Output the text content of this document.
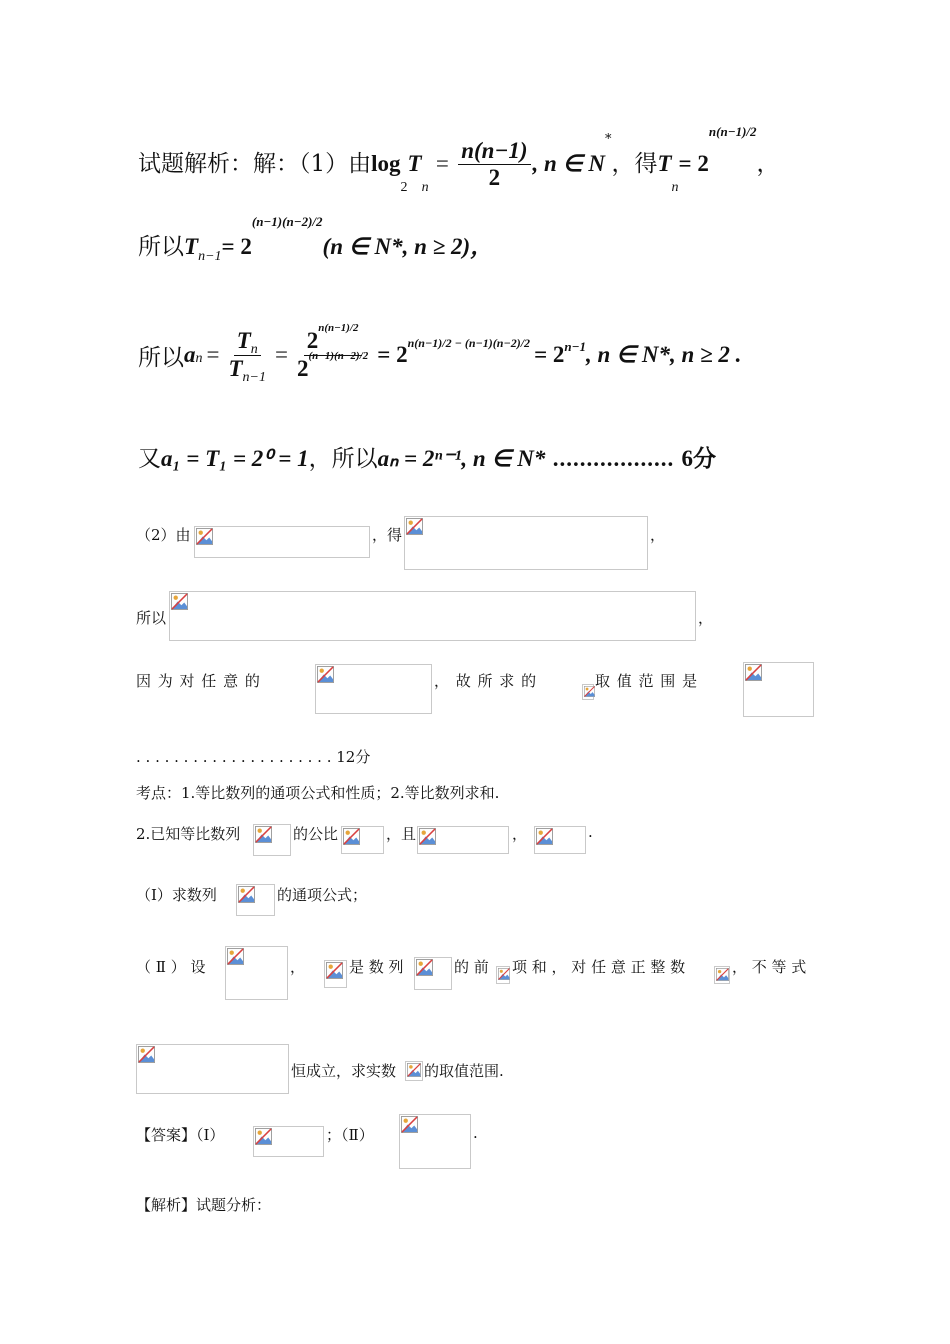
试题解析：解：（1）由$\log 2Tn = \frac{n(n-1)}{2}$ , n ∈ N*，得$Tn= 2^{n(n-1)/2}$，
所以$Tn-1= 2^{(n-1)(n-2)/2}(n$ ∈ N*, n ≥ 2)，
所以 a $n = \frac{Tn}{Tn-1} = \frac{2^{n(n-1)/2}}{2^{(n-1)(n-2)/2}} = 2$ n(n−1)/2 − (n−1)(n−2)/2 = 2 n−1 , n ∈ N*, n ≥ 2 .
又a₁ = T₁ = 2⁰ = 1，所以aₙ = 2ⁿ⁻¹, n ∈ N* .................. 6分
（2）由	，得	，
所以	，
因 为 对 任 意 的	， 故 所 求 的	取 值 范 围 是
. . . . . . . . . . . . . . . . . . . . . 12分
考点：1.等比数列的通项公式和性质；2.等比数列求和.
2.已知等比数列	的公比	，且	，	.
（Ⅰ）求数列	的通项公式；
（ Ⅱ ） 设	，	是 数 列	的 前 项 和 ， 对 任 意 正 整 数	， 不 等 式
恒成立，求实数 的取值范围.
【答案】（Ⅰ）	；（Ⅱ）	.
【解析】试题分析：
